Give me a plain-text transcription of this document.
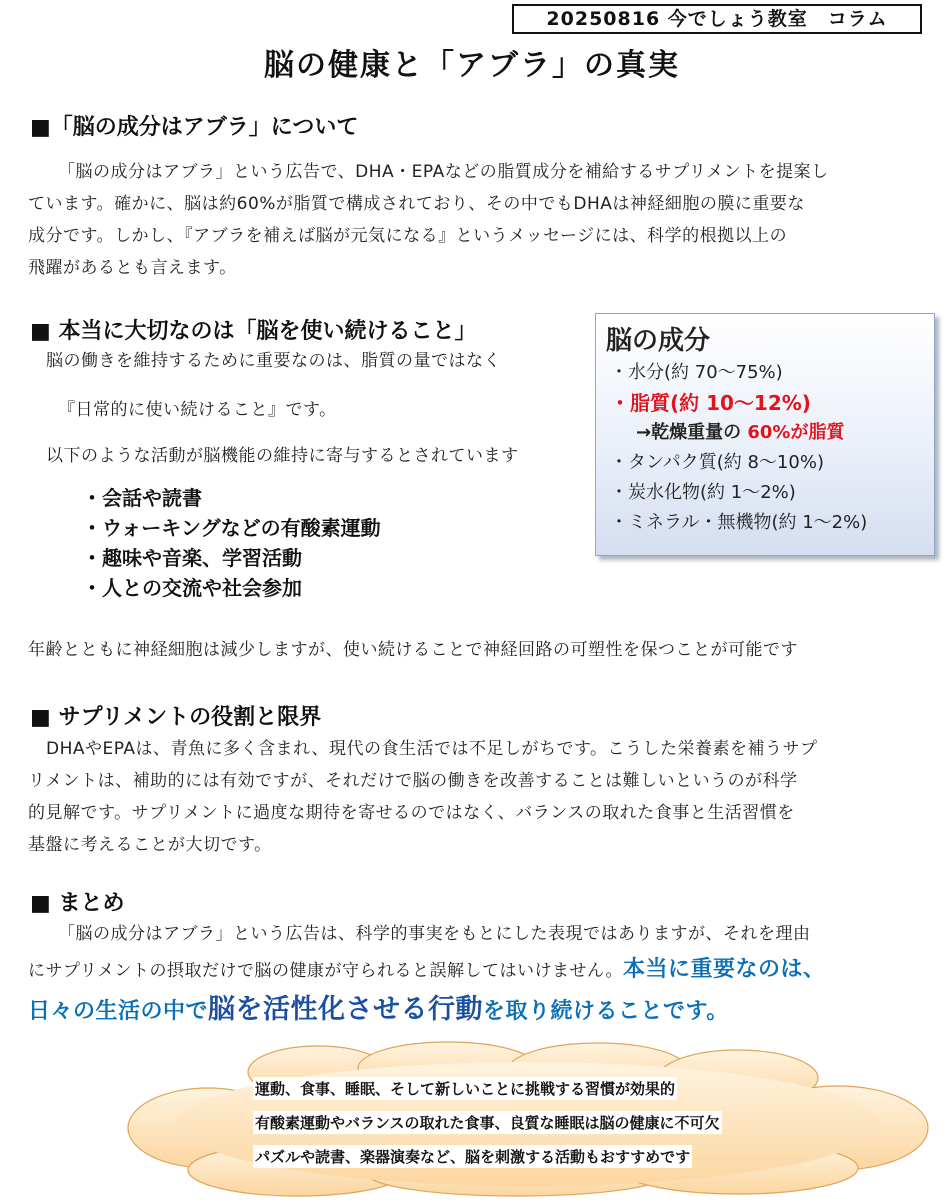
20250816 今でしょう教室　コラム
脳の健康と「アブラ」の真実
■「脳の成分はアブラ」について
「脳の成分はアブラ」という広告で、DHA・EPAなどの脂質成分を補給するサプリメントを提案し
ています。確かに、脳は約60%が脂質で構成されており、その中でもDHAは神経細胞の膜に重要な
成分です。しかし、『アブラを補えば脳が元気になる』というメッセージには、科学的根拠以上の
飛躍があるとも言えます。
■ 本当に大切なのは「脳を使い続けること」
脳の働きを維持するために重要なのは、脂質の量ではなく
『日常的に使い続けること』です。
以下のような活動が脳機能の維持に寄与するとされています
・会話や読書
・ウォーキングなどの有酸素運動
・趣味や音楽、学習活動
・人との交流や社会参加
脳の成分
・水分(約 70～75%)
・脂質(約 10～12%)
→乾燥重量の 60%が脂質
・タンパク質(約 8～10%)
・炭水化物(約 1～2%)
・ミネラル・無機物(約 1～2%)
年齢とともに神経細胞は減少しますが、使い続けることで神経回路の可塑性を保つことが可能です
■ サプリメントの役割と限界
DHAやEPAは、青魚に多く含まれ、現代の食生活では不足しがちです。こうした栄養素を補うサプ
リメントは、補助的には有効ですが、それだけで脳の働きを改善することは難しいというのが科学
的見解です。サプリメントに過度な期待を寄せるのではなく、バランスの取れた食事と生活習慣を
基盤に考えることが大切です。
■ まとめ
「脳の成分はアブラ」という広告は、科学的事実をもとにした表現ではありますが、それを理由
にサプリメントの摂取だけで脳の健康が守られると誤解してはいけません。本当に重要なのは、
日々の生活の中で脳を活性化させる行動を取り続けることです。
運動、食事、睡眠、そして新しいことに挑戦する習慣が効果的
有酸素運動やバランスの取れた食事、良質な睡眠は脳の健康に不可欠
パズルや読書、楽器演奏など、脳を刺激する活動もおすすめです
